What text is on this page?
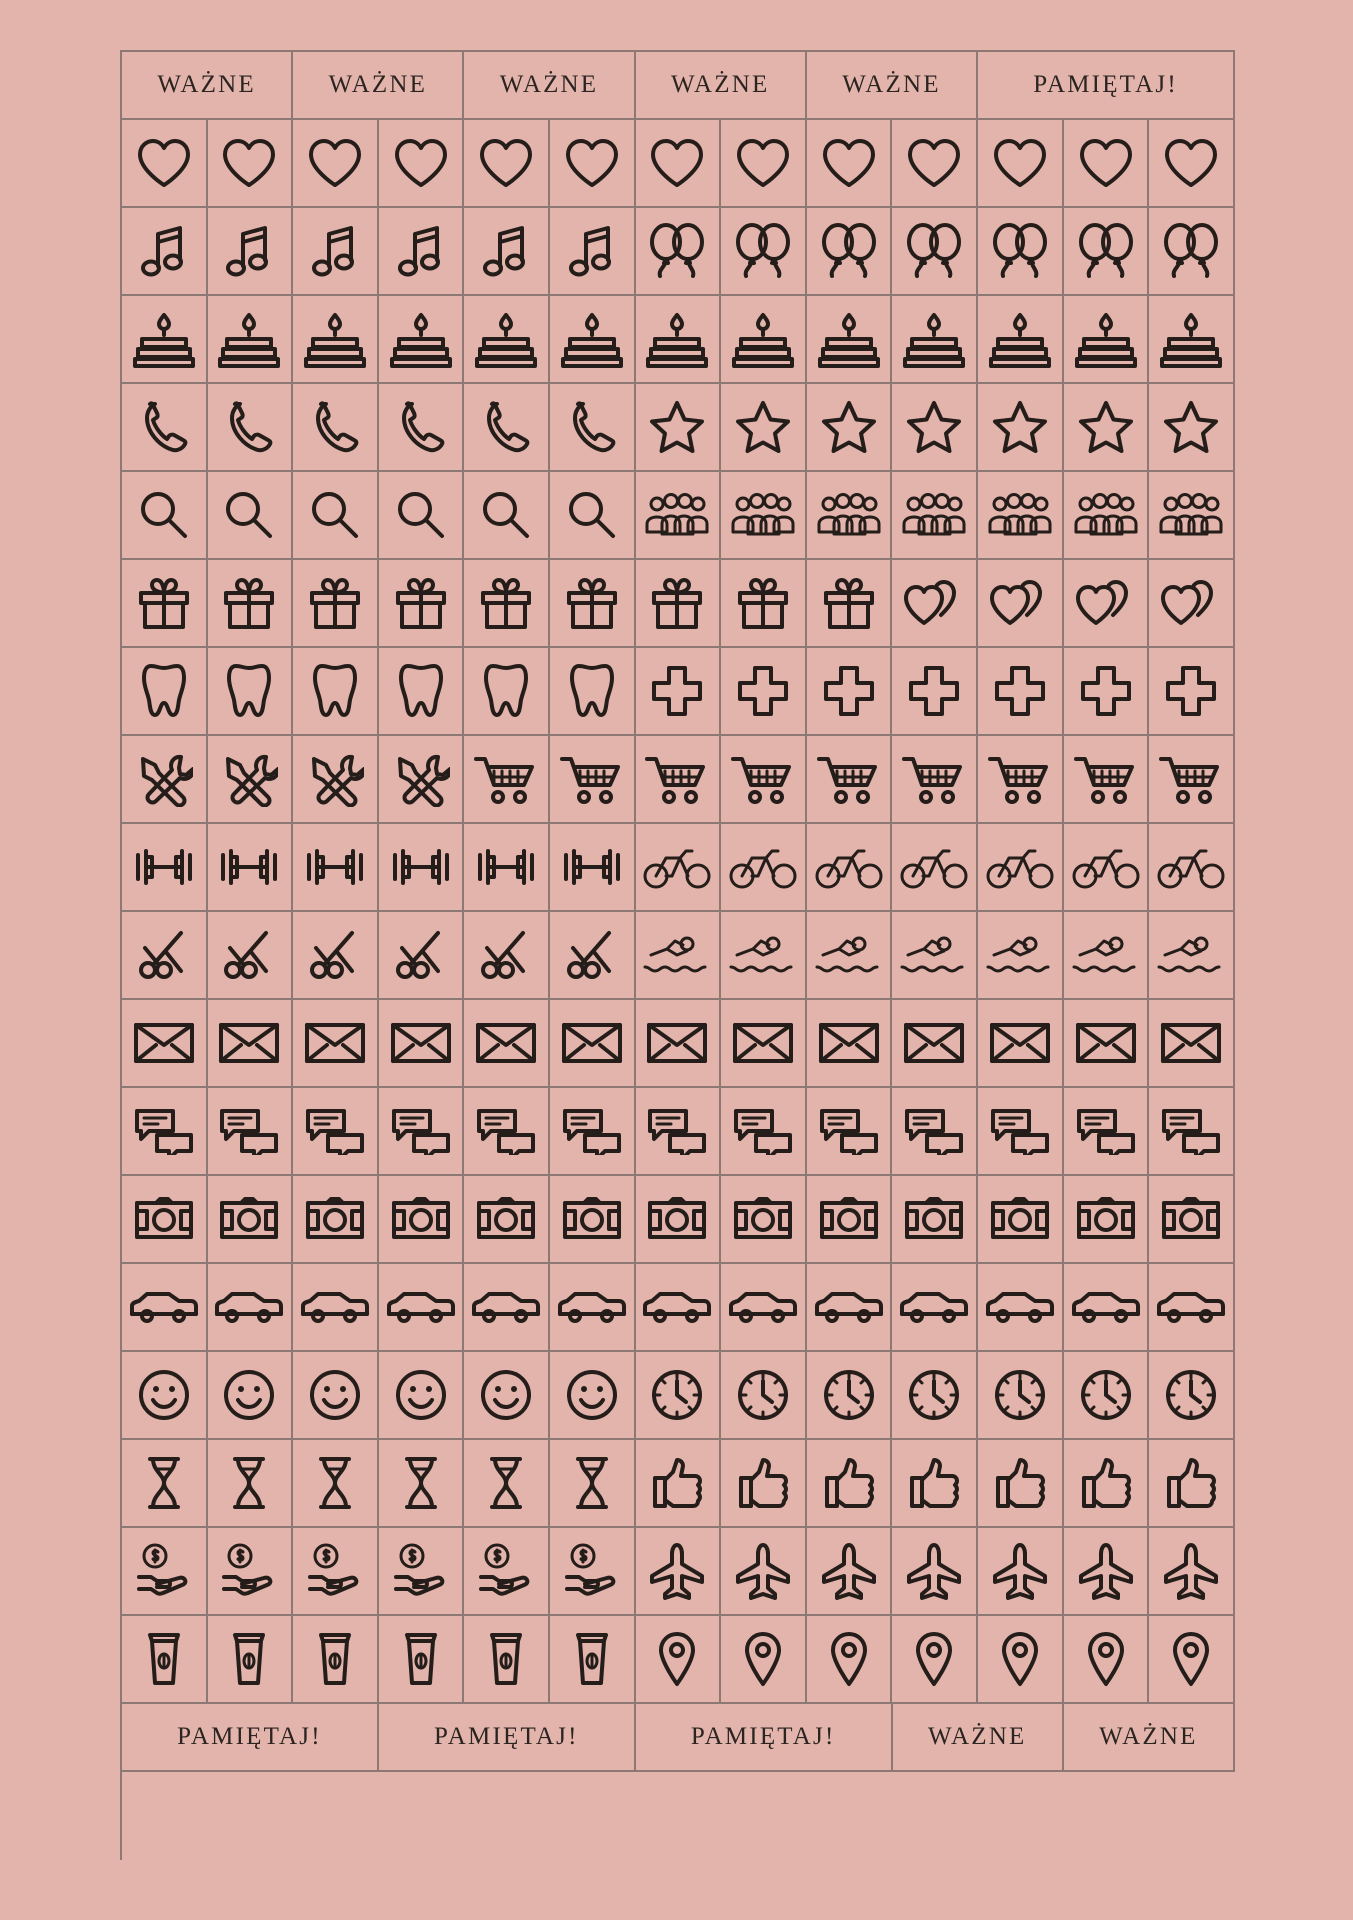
WAŻNE	WAŻNE	WAŻNE	WAŻNE	WAŻNE	PAMIĘTAJ!
PAMIĘTAJ!	PAMIĘTAJ!	PAMIĘTAJ!	WAŻNE	WAŻNE
